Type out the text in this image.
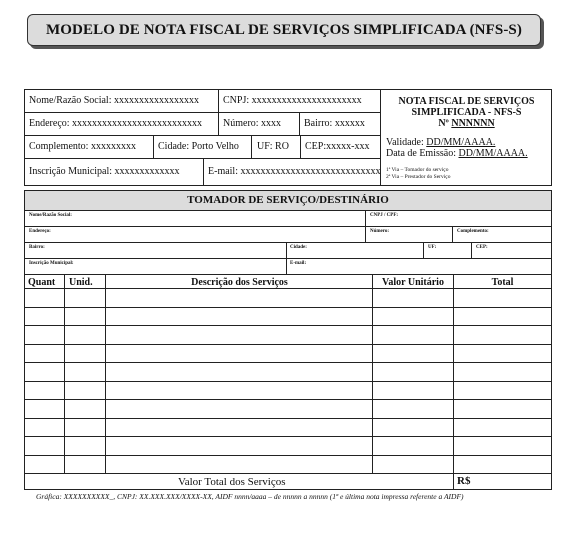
MODELO DE NOTA FISCAL DE SERVIÇOS SIMPLIFICADA (NFS-S)
Nome/Razão Social: xxxxxxxxxxxxxxxxx CNPJ: xxxxxxxxxxxxxxxxxxxxxx
Endereço: xxxxxxxxxxxxxxxxxxxxxxxxxx Número: xxxx Bairro: xxxxxx
Complemento: xxxxxxxxx Cidade: Porto Velho UF: RO CEP:xxxxx-xxx
Inscrição Municipal: xxxxxxxxxxxxx	E-mail: xxxxxxxxxxxxxxxxxxxxxxxxxxxx
NOTA FISCAL DE SERVIÇOS
SIMPLIFICADA - NFS-S
Nº NNNNNN
Validade: DD/MM/AAAA.
Data de Emissão: DD/MM/AAAA.
1ª Via – Tomador do serviço
2ª Via – Prestador do Serviço
TOMADOR DE SERVIÇO/DESTINÁRIO
Nome/Razão Social:	CNPJ / CPF:
Endereço:	Número:	Complemento:
Bairro:	Cidade:	UF:	CEP:
Inscrição Municipal:	E-mail:
Quant Unid.	Descrição dos Serviços	Valor Unitário	Total
Valor Total dos Serviços	R$
Gráfica: XXXXXXXXXX_, CNPJ: XX.XXX.XXX/XXXX-XX, AIDF nnnn/aaaa – de nnnnn a nnnnn (1ª e última nota impressa referente a AIDF)
